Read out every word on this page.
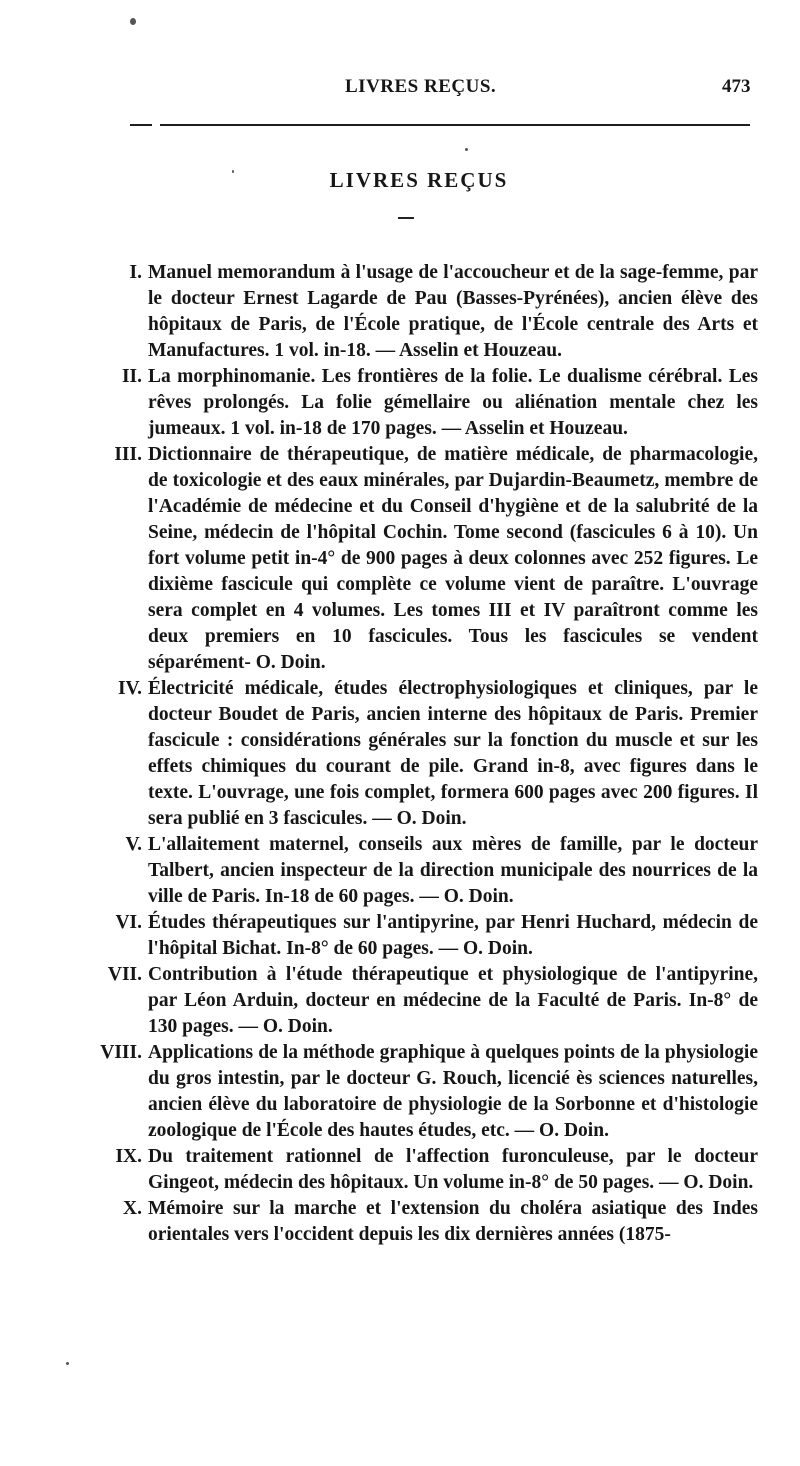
LIVRES REÇUS.	473
LIVRES REÇUS
I. Manuel memorandum à l'usage de l'accoucheur et de la sage-femme, par le docteur Ernest Lagarde de Pau (Basses-Pyrénées), ancien élève des hôpitaux de Paris, de l'École pratique, de l'École centrale des Arts et Manufactures. 1 vol. in-18. — Asselin et Houzeau.
II. La morphinomanie. Les frontières de la folie. Le dualisme cérébral. Les rêves prolongés. La folie gémellaire ou aliénation mentale chez les jumeaux. 1 vol. in-18 de 170 pages. — Asselin et Houzeau.
III. Dictionnaire de thérapeutique, de matière médicale, de pharmacologie, de toxicologie et des eaux minérales, par Dujardin-Beaumetz, membre de l'Académie de médecine et du Conseil d'hygiène et de la salubrité de la Seine, médecin de l'hôpital Cochin. Tome second (fascicules 6 à 10). Un fort volume petit in-4° de 900 pages à deux colonnes avec 252 figures. Le dixième fascicule qui complète ce volume vient de paraître. L'ouvrage sera complet en 4 volumes. Les tomes III et IV paraîtront comme les deux premiers en 10 fascicules. Tous les fascicules se vendent séparément- O. Doin.
IV. Électricité médicale, études électrophysiologiques et cliniques, par le docteur Boudet de Paris, ancien interne des hôpitaux de Paris. Premier fascicule : considérations générales sur la fonction du muscle et sur les effets chimiques du courant de pile. Grand in-8, avec figures dans le texte. L'ouvrage, une fois complet, formera 600 pages avec 200 figures. Il sera publié en 3 fascicules. — O. Doin.
V. L'allaitement maternel, conseils aux mères de famille, par le docteur Talbert, ancien inspecteur de la direction municipale des nourrices de la ville de Paris. In-18 de 60 pages. — O. Doin.
VI. Études thérapeutiques sur l'antipyrine, par Henri Huchard, médecin de l'hôpital Bichat. In-8° de 60 pages. — O. Doin.
VII. Contribution à l'étude thérapeutique et physiologique de l'antipyrine, par Léon Arduin, docteur en médecine de la Faculté de Paris. In-8° de 130 pages. — O. Doin.
VIII. Applications de la méthode graphique à quelques points de la physiologie du gros intestin, par le docteur G. Rouch, licencié ès sciences naturelles, ancien élève du laboratoire de physiologie de la Sorbonne et d'histologie zoologique de l'École des hautes études, etc. — O. Doin.
IX. Du traitement rationnel de l'affection furonculeuse, par le docteur Gingeot, médecin des hôpitaux. Un volume in-8° de 50 pages. — O. Doin.
X. Mémoire sur la marche et l'extension du choléra asiatique des Indes orientales vers l'occident depuis les dix dernières années (1875-
